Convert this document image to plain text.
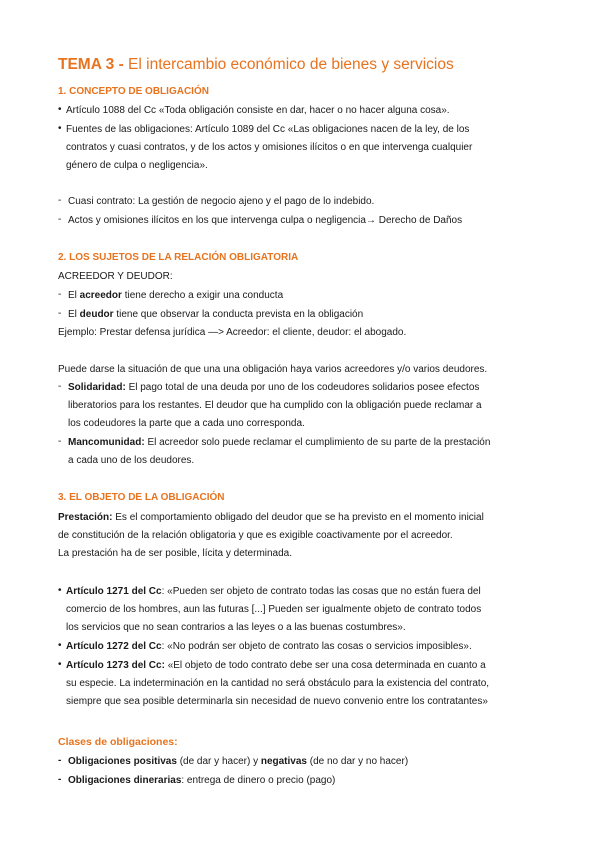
TEMA 3 - El intercambio económico de bienes y servicios
1. CONCEPTO DE OBLIGACIÓN
• Artículo 1088 del Cc «Toda obligación consiste en dar, hacer o no hacer alguna cosa».
• Fuentes de las obligaciones: Artículo 1089 del Cc «Las obligaciones nacen de la ley, de los
contratos y cuasi contratos, y de los actos y omisiones ilícitos o en que intervenga cualquier
género de culpa o negligencia».
- Cuasi contrato: La gestión de negocio ajeno y el pago de lo indebido.
- Actos y omisiones ilícitos en los que intervenga culpa o negligencia→ Derecho de Daños
2. LOS SUJETOS DE LA RELACIÓN OBLIGATORIA
ACREEDOR Y DEUDOR:
- El acreedor tiene derecho a exigir una conducta
- El deudor tiene que observar la conducta prevista en la obligación
Ejemplo: Prestar defensa jurídica —> Acreedor: el cliente, deudor: el abogado.
Puede darse la situación de que una una obligación haya varios acreedores y/o varios deudores.
- Solidaridad: El pago total de una deuda por uno de los codeudores solidarios posee efectos
liberatorios para los restantes. El deudor que ha cumplido con la obligación puede reclamar a
los codeudores la parte que a cada uno corresponda.
- Mancomunidad: El acreedor solo puede reclamar el cumplimiento de su parte de la prestación
a cada uno de los deudores.
3. EL OBJETO DE LA OBLIGACIÓN
Prestación: Es el comportamiento obligado del deudor que se ha previsto en el momento inicial
de constitución de la relación obligatoria y que es exigible coactivamente por el acreedor.
La prestación ha de ser posible, lícita y determinada.
• Artículo 1271 del Cc: «Pueden ser objeto de contrato todas las cosas que no están fuera del
comercio de los hombres, aun las futuras [...] Pueden ser igualmente objeto de contrato todos
los servicios que no sean contrarios a las leyes o a las buenas costumbres».
• Artículo 1272 del Cc: «No podrán ser objeto de contrato las cosas o servicios imposibles».
• Artículo 1273 del Cc: «El objeto de todo contrato debe ser una cosa determinada en cuanto a
su especie. La indeterminación en la cantidad no será obstáculo para la existencia del contrato,
siempre que sea posible determinarla sin necesidad de nuevo convenio entre los contratantes»
Clases de obligaciones:
- Obligaciones positivas (de dar y hacer) y negativas (de no dar y no hacer)
- Obligaciones dinerarias: entrega de dinero o precio (pago)
